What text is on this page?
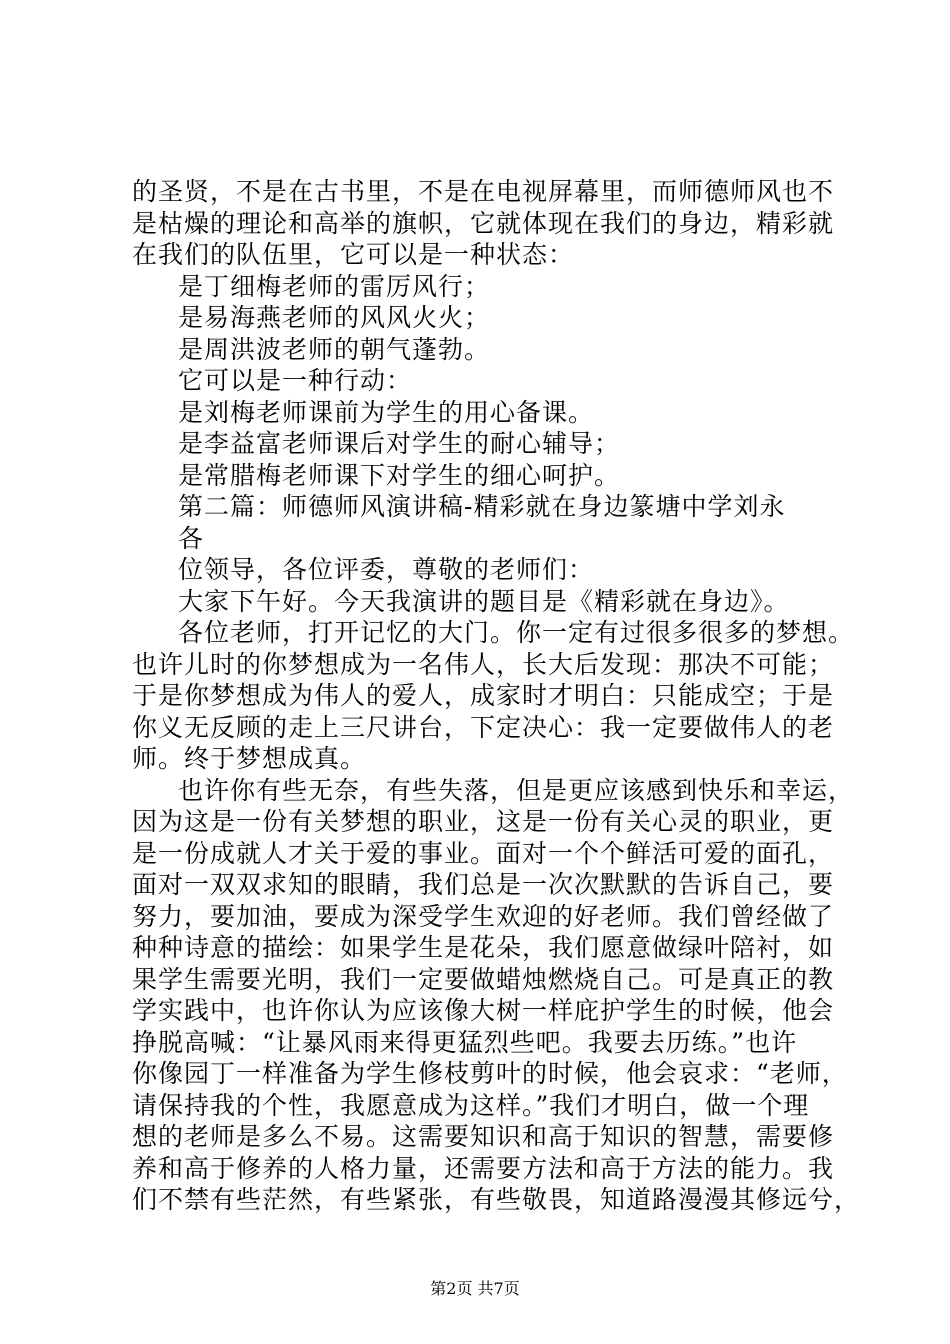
的圣贤，不是在古书里，不是在电视屏幕里，而师德师风也不
是枯燥的理论和高举的旗帜，它就体现在我们的身边，精彩就
在我们的队伍里，它可以是一种状态：
是丁细梅老师的雷厉风行；
是易海燕老师的风风火火；
是周洪波老师的朝气蓬勃。
它可以是一种行动：
是刘梅老师课前为学生的用心备课。
是李益富老师课后对学生的耐心辅导；
是常腊梅老师课下对学生的细心呵护。
第二篇：师德师风演讲稿-精彩就在身边篆塘中学刘永
各
位领导，各位评委，尊敬的老师们：
大家下午好。今天我演讲的题目是《精彩就在身边》。
各位老师，打开记忆的大门。你一定有过很多很多的梦想。
也许儿时的你梦想成为一名伟人，长大后发现：那决不可能；
于是你梦想成为伟人的爱人，成家时才明白：只能成空；于是
你义无反顾的走上三尺讲台，下定决心：我一定要做伟人的老
师。终于梦想成真。
也许你有些无奈，有些失落，但是更应该感到快乐和幸运，
因为这是一份有关梦想的职业，这是一份有关心灵的职业，更
是一份成就人才关于爱的事业。面对一个个鲜活可爱的面孔，
面对一双双求知的眼睛，我们总是一次次默默的告诉自己，要
努力，要加油，要成为深受学生欢迎的好老师。我们曾经做了
种种诗意的描绘：如果学生是花朵，我们愿意做绿叶陪衬，如
果学生需要光明，我们一定要做蜡烛燃烧自己。可是真正的教
学实践中，也许你认为应该像大树一样庇护学生的时候，他会
挣脱高喊：“让暴风雨来得更猛烈些吧。我要去历练。”也许
你像园丁一样准备为学生修枝剪叶的时候，他会哀求：“老师，
请保持我的个性，我愿意成为这样。”我们才明白，做一个理
想的老师是多么不易。这需要知识和高于知识的智慧，需要修
养和高于修养的人格力量，还需要方法和高于方法的能力。我
们不禁有些茫然，有些紧张，有些敬畏，知道路漫漫其修远兮，
第2页 共7页
